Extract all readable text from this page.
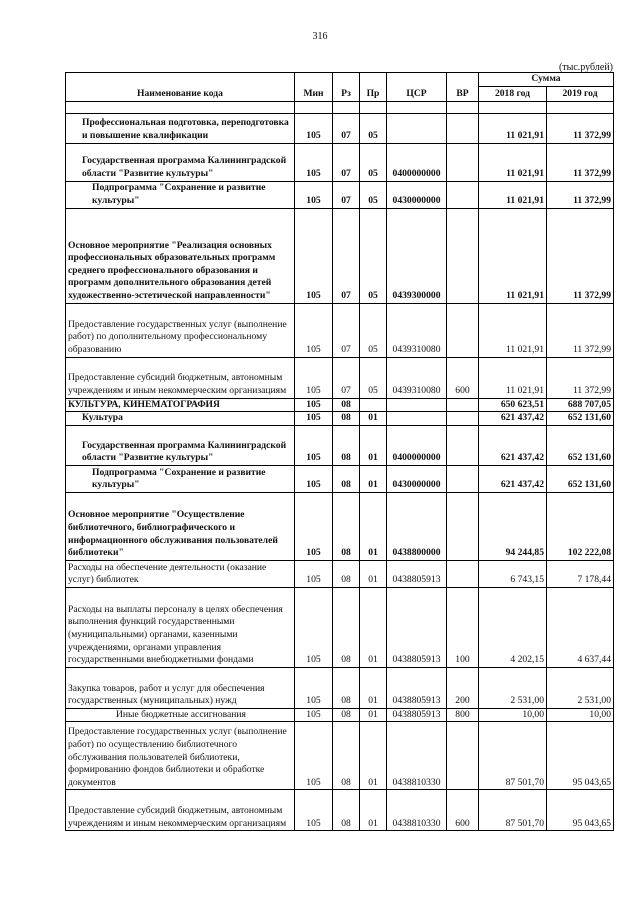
316
(тыс.рублей)
Наименование кода	Мин	Рз	Пр	ЦСР	ВР	Сумма	
						2018 год	2019 год

Профессиональная подготовка, переподготовка и повышение квалификации	105	07	05			11 021,91	11 372,99
Государственная программа Калининградской области "Развитие культуры"	105	07	05	0400000000		11 021,91	11 372,99
Подпрограмма "Сохранение и развитие культуры"	105	07	05	0430000000		11 021,91	11 372,99
Основное мероприятие "Реализация основных профессиональных образовательных программ среднего профессионального образования и программ дополнительного образования детей художественно-эстетической направленности"	105	07	05	0439300000		11 021,91	11 372,99
Предоставление государственных услуг (выполнение работ) по дополнительному профессиональному образованию	105	07	05	0439310080		11 021,91	11 372,99
Предоставление субсидий бюджетным, автономным учреждениям и иным некоммерческим организациям	105	07	05	0439310080	600	11 021,91	11 372,99
КУЛЬТУРА, КИНЕМАТОГРАФИЯ	105	08				650 623,51	688 707,05
Культура	105	08	01			621 437,42	652 131,60
Государственная программа Калининградской области "Развитие культуры"	105	08	01	0400000000		621 437,42	652 131,60
Подпрограмма "Сохранение и развитие культуры"	105	08	01	0430000000		621 437,42	652 131,60
Основное мероприятие "Осуществление библиотечного, библиографического и информационного обслуживания пользователей библиотеки"	105	08	01	0438800000		94 244,85	102 222,08
Расходы на обеспечение деятельности (оказание услуг) библиотек	105	08	01	0438805913		6 743,15	7 178,44
Расходы на выплаты персоналу в целях обеспечения выполнения функций государственными (муниципальными) органами, казенными учреждениями, органами управления государственными внебюджетными фондами	105	08	01	0438805913	100	4 202,15	4 637,44
Закупка товаров, работ и услуг для обеспечения государственных (муниципальных) нужд	105	08	01	0438805913	200	2 531,00	2 531,00
Иные бюджетные ассигнования	105	08	01	0438805913	800	10,00	10,00
Предоставление государственных услуг (выполнение работ) по осуществлению библиотечного обслуживания пользователей библиотеки, формированию фондов библиотеки и обработке документов	105	08	01	0438810330		87 501,70	95 043,65
Предоставление субсидий бюджетным, автономным учреждениям и иным некоммерческим организациям	105	08	01	0438810330	600	87 501,70	95 043,65
